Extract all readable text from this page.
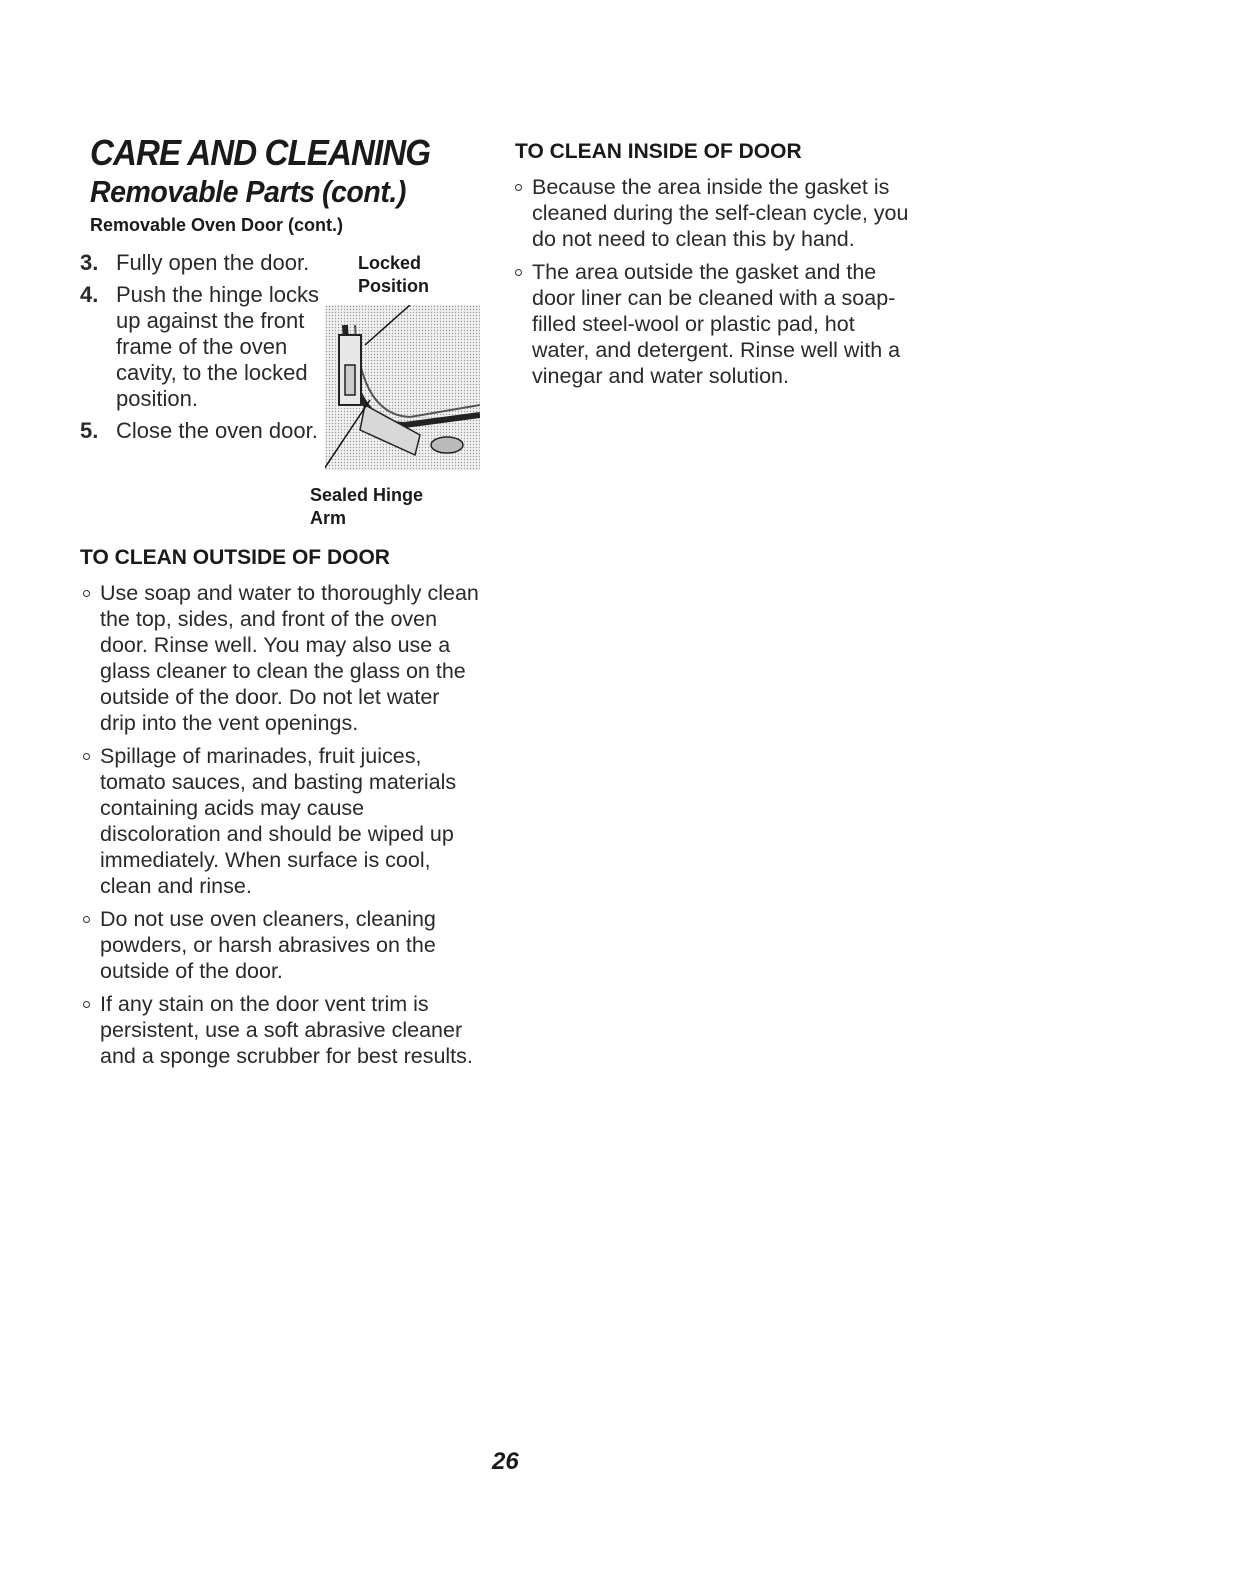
CARE AND CLEANING
Removable Parts (cont.)
Removable Oven Door (cont.)
3. Fully open the door.
4. Push the hinge locks up against the front frame of the oven cavity, to the locked position.
5. Close the oven door.

Locked Position

Sealed Hinge Arm

TO CLEAN OUTSIDE OF DOOR
Use soap and water to thoroughly clean the top, sides, and front of the oven door. Rinse well. You may also use a glass cleaner to clean the glass on the outside of the door. Do not let water drip into the vent openings.
Spillage of marinades, fruit juices, tomato sauces, and basting materials containing acids may cause discoloration and should be wiped up immediately. When surface is cool, clean and rinse.
Do not use oven cleaners, cleaning powders, or harsh abrasives on the outside of the door.
If any stain on the door vent trim is persistent, use a soft abrasive cleaner and a sponge scrubber for best results.
TO CLEAN INSIDE OF DOOR
Because the area inside the gasket is cleaned during the self-clean cycle, you do not need to clean this by hand.
The area outside the gasket and the door liner can be cleaned with a soap-filled steel-wool or plastic pad, hot water, and detergent. Rinse well with a vinegar and water solution.

26
